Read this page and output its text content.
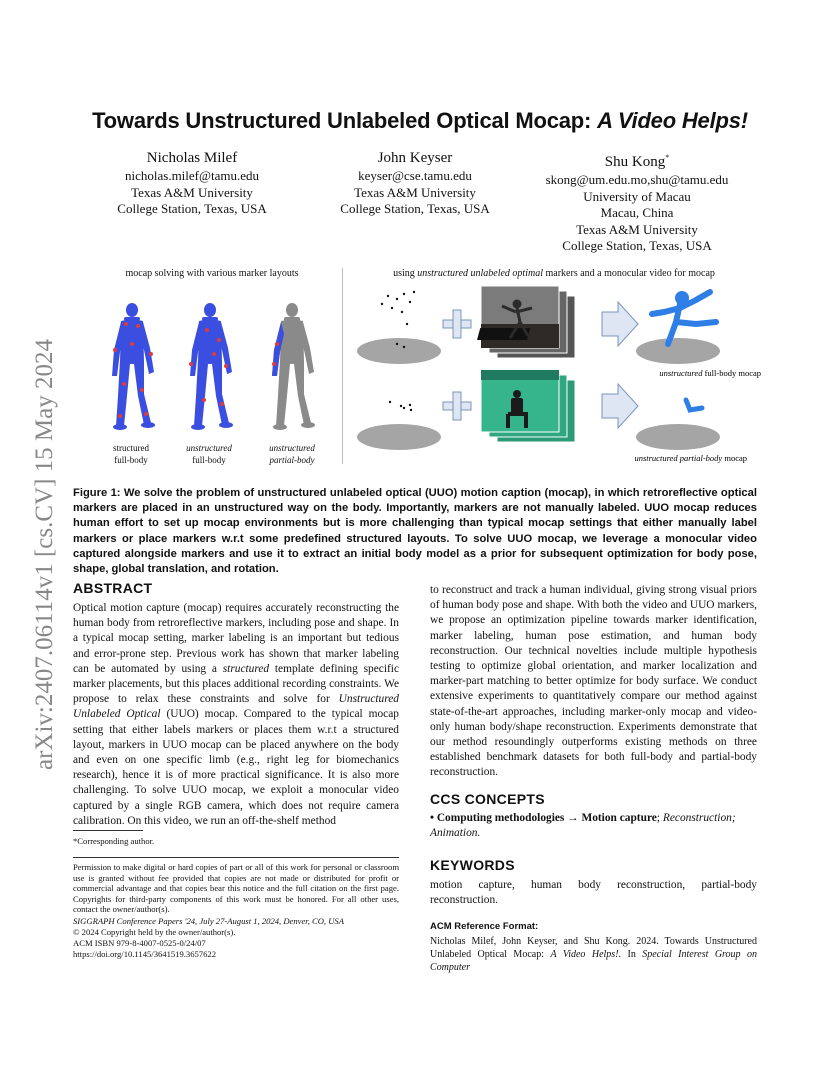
arXiv:2407.06114v1 [cs.CV] 15 May 2024
Towards Unstructured Unlabeled Optical Mocap: A Video Helps!
Nicholas Milef
nicholas.milef@tamu.edu
Texas A&M University
College Station, Texas, USA
John Keyser
keyser@cse.tamu.edu
Texas A&M University
College Station, Texas, USA
Shu Kong*
skong@um.edu.mo,shu@tamu.edu
University of Macau
Macau, China
Texas A&M University
College Station, Texas, USA
mocap solving with various marker layouts	using unstructured unlabeled optimal markers and a monocular video for mocap
unstructured full-body mocap
unstructured partial-body mocap
structured
full-body
unstructured
full-body
unstructured
partial-body
Figure 1: We solve the problem of unstructured unlabeled optical (UUO) motion caption (mocap), in which retroreflective optical markers are placed in an unstructured way on the body. Importantly, markers are not manually labeled. UUO mocap reduces human effort to set up mocap environments but is more challenging than typical mocap settings that either manually label markers or place markers w.r.t some predefined structured layouts. To solve UUO mocap, we leverage a monocular video captured alongside markers and use it to extract an initial body model as a prior for subsequent optimization for body pose, shape, global translation, and rotation.
ABSTRACT
Optical motion capture (mocap) requires accurately reconstructing the human body from retroreflective markers, including pose and shape. In a typical mocap setting, marker labeling is an important but tedious and error-prone step. Previous work has shown that marker labeling can be automated by using a structured template defining specific marker placements, but this places additional recording constraints. We propose to relax these constraints and solve for Unstructured Unlabeled Optical (UUO) mocap. Compared to the typical mocap setting that either labels markers or places them w.r.t a structured layout, markers in UUO mocap can be placed anywhere on the body and even on one specific limb (e.g., right leg for biomechanics research), hence it is of more practical significance. It is also more challenging. To solve UUO mocap, we exploit a monocular video captured by a single RGB camera, which does not require camera calibration. On this video, we run an off-the-shelf method
*Corresponding author.
Permission to make digital or hard copies of part or all of this work for personal or classroom use is granted without fee provided that copies are not made or distributed for profit or commercial advantage and that copies bear this notice and the full citation on the first page. Copyrights for third-party components of this work must be honored. For all other uses, contact the owner/author(s).
SIGGRAPH Conference Papers '24, July 27-August 1, 2024, Denver, CO, USA
© 2024 Copyright held by the owner/author(s).
ACM ISBN 979-8-4007-0525-0/24/07
https://doi.org/10.1145/3641519.3657622
to reconstruct and track a human individual, giving strong visual priors of human body pose and shape. With both the video and UUO markers, we propose an optimization pipeline towards marker identification, marker labeling, human pose estimation, and human body reconstruction. Our technical novelties include multiple hypothesis testing to optimize global orientation, and marker localization and marker-part matching to better optimize for body surface. We conduct extensive experiments to quantitatively compare our method against state-of-the-art approaches, including marker-only mocap and video-only human body/shape reconstruction. Experiments demonstrate that our method resoundingly outperforms existing methods on three established benchmark datasets for both full-body and partial-body reconstruction.
CCS CONCEPTS
• Computing methodologies → Motion capture; Reconstruction; Animation.
KEYWORDS
motion capture, human body reconstruction, partial-body reconstruction.
ACM Reference Format:
Nicholas Milef, John Keyser, and Shu Kong. 2024. Towards Unstructured Unlabeled Optical Mocap: A Video Helps!. In Special Interest Group on Computer
